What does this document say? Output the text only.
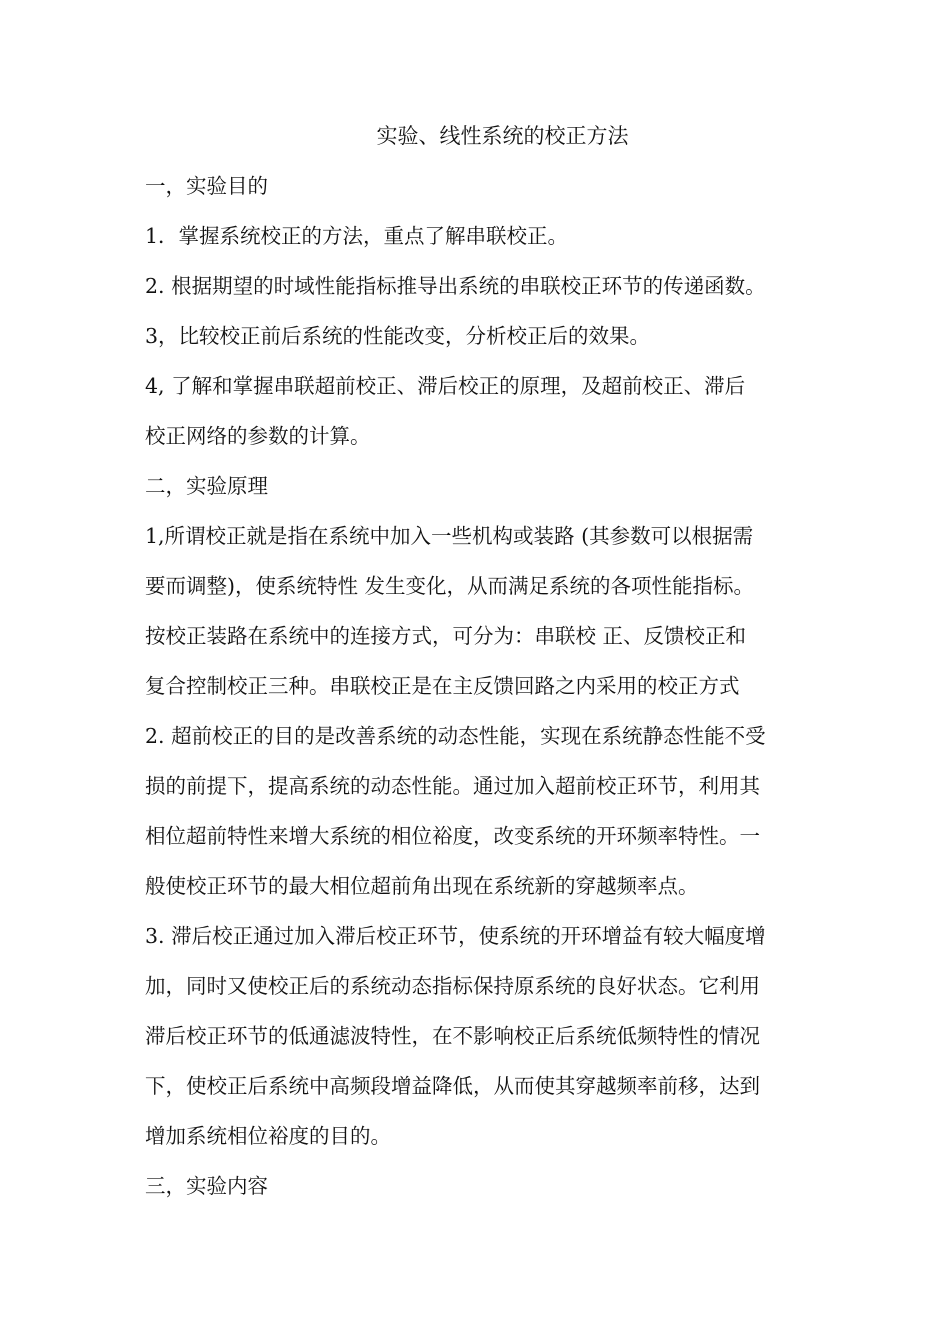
实验、线性系统的校正方法
一，实验目的
1．掌握系统校正的方法，重点了解串联校正。
2. 根据期望的时域性能指标推导出系统的串联校正环节的传递函数。
3，比较校正前后系统的性能改变，分析校正后的效果。
4, 了解和掌握串联超前校正、滞后校正的原理，及超前校正、滞后
校正网络的参数的计算。
二，实验原理
1,所谓校正就是指在系统中加入一些机构或装路 (其参数可以根据需
要而调整)，使系统特性 发生变化，从而满足系统的各项性能指标。
按校正装路在系统中的连接方式，可分为：串联校 正、反馈校正和
复合控制校正三种。串联校正是在主反馈回路之内采用的校正方式
2. 超前校正的目的是改善系统的动态性能，实现在系统静态性能不受
损的前提下，提高系统的动态性能。通过加入超前校正环节，利用其
相位超前特性来增大系统的相位裕度，改变系统的开环频率特性。一
般使校正环节的最大相位超前角出现在系统新的穿越频率点。
3. 滞后校正通过加入滞后校正环节，使系统的开环增益有较大幅度增
加，同时又使校正后的系统动态指标保持原系统的良好状态。它利用
滞后校正环节的低通滤波特性，在不影响校正后系统低频特性的情况
下，使校正后系统中高频段增益降低，从而使其穿越频率前移，达到
增加系统相位裕度的目的。
三，实验内容
